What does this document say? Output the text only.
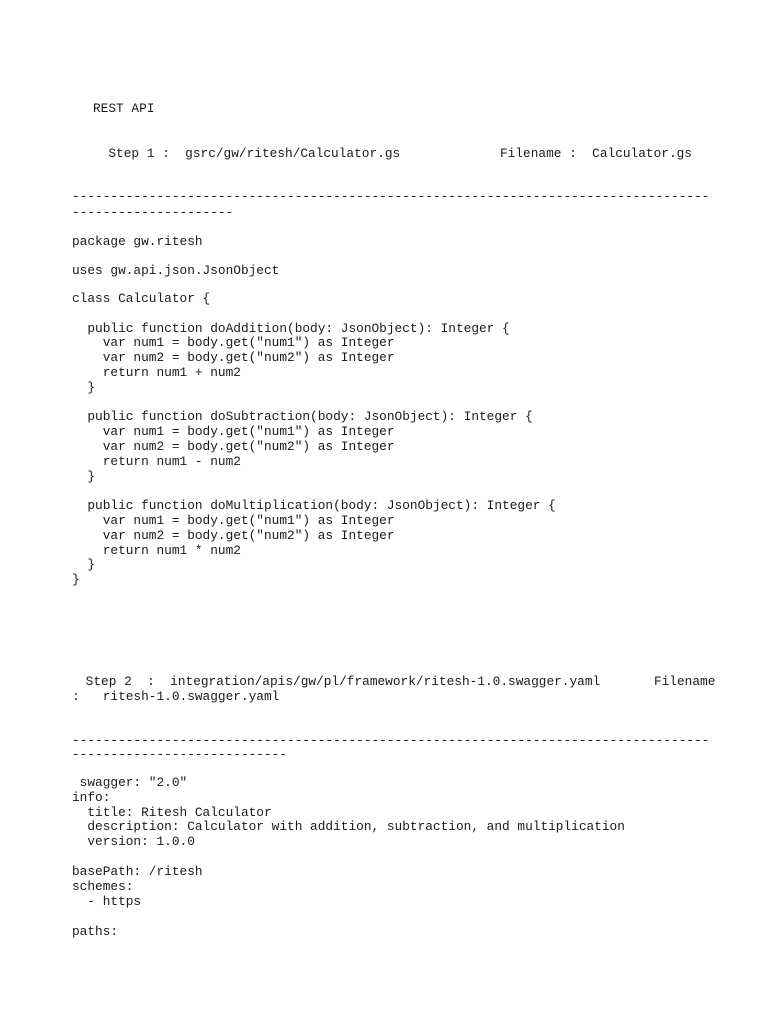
REST API
Step 1 :  gsrc/gw/ritesh/Calculator.gs             Filename :  Calculator.gs
-----------------------------------------------------------------------------------
---------------------
package gw.ritesh
uses gw.api.json.JsonObject
class Calculator {

public function doAddition(body: JsonObject): Integer {
var num1 = body.get("num1") as Integer
var num2 = body.get("num2") as Integer
return num1 + num2
}

public function doSubtraction(body: JsonObject): Integer {
var num1 = body.get("num1") as Integer
var num2 = body.get("num2") as Integer
return num1 - num2
}

public function doMultiplication(body: JsonObject): Integer {
var num1 = body.get("num1") as Integer
var num2 = body.get("num2") as Integer
return num1 * num2
}
}
Step 2  :  integration/apis/gw/pl/framework/ritesh-1.0.swagger.yaml       Filename
:   ritesh-1.0.swagger.yaml
-----------------------------------------------------------------------------------
----------------------------
swagger: "2.0"
info:
title: Ritesh Calculator
description: Calculator with addition, subtraction, and multiplication
version: 1.0.0
basePath: /ritesh
schemes:
- https
paths:
